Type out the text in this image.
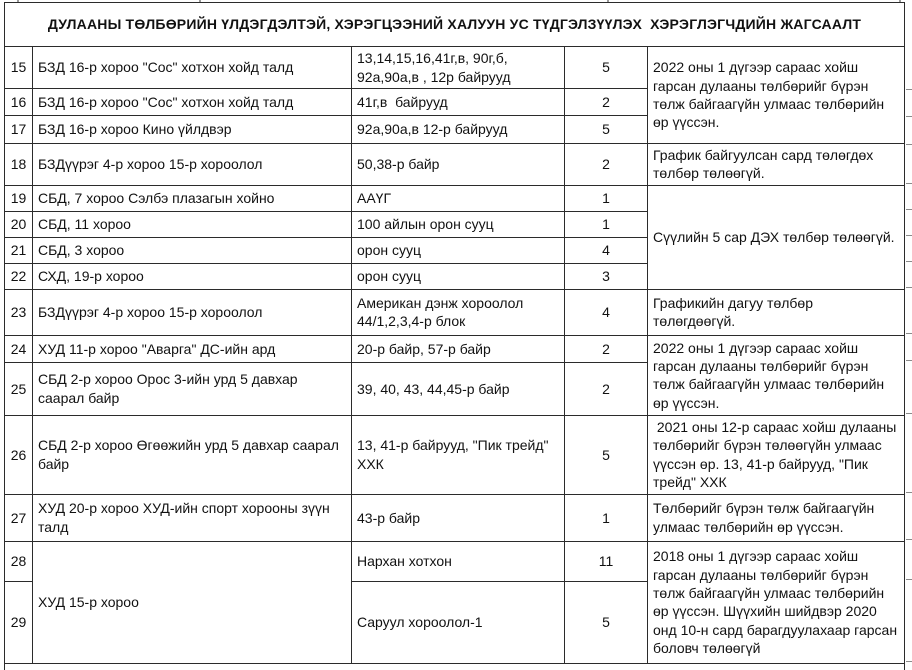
ДУЛААНЫ ТӨЛБӨРИЙН ҮЛДЭГДЭЛТЭЙ, ХЭРЭГЦЭЭНИЙ ХАЛУУН УС ТҮДГЭЛЗҮҮЛЭХ  ХЭРЭГЛЭГЧДИЙН ЖАГСААЛТ				
15	БЗД 16-р хороо "Сос" хотхон хойд талд	13,14,15,16,41г,в, 90г,б, 92а,90а,в , 12р байрууд	5	2022 оны 1 дүгээр сараас хойш гарсан дулааны төлбөрийг бүрэн төлж байгаагүйн улмаас төлбөрийн өр үүссэн.
16	БЗД 16-р хороо "Сос" хотхон хойд талд	41г,в  байрууд	2	
17	БЗД 16-р хороо Кино үйлдвэр	92а,90а,в 12-р байрууд	5	
18	БЗДүүрэг 4-р хороо 15-р хороолол	50,38-р байр	2	График байгуулсан сард төлөгдөх төлбөр төлөөгүй.
19	СБД, 7 хороо Сэлбэ плазагын хойно	ААҮГ	1	Сүүлийн 5 сар ДЭХ төлбөр төлөөгүй.
20	СБД, 11 хороо	100 айлын орон сууц	1	
21	СБД, 3 хороо	орон сууц	4	
22	СХД, 19-р хороо	орон сууц	3	
23	БЗДүүрэг 4-р хороо 15-р хороолол	Американ дэнж хороолол 44/1,2,3,4-р блок	4	Графикийн дагуу төлбөр төлөгдөөгүй.
24	ХУД 11-р хороо "Аварга" ДС-ийн ард	20-р байр, 57-р байр	2	2022 оны 1 дүгээр сараас хойш гарсан дулааны төлбөрийг бүрэн төлж байгаагүйн улмаас төлбөрийн өр үүссэн.
25	СБД 2-р хороо Орос 3-ийн урд 5 давхар саарал байр	39, 40, 43, 44,45-р байр	2	
26	СБД 2-р хороо Өгөөжийн урд 5 давхар саарал байр	13, 41-р байрууд, "Пик трейд" ХХК	5	2021 оны 12-р сараас хойш дулааны төлбөрийг бүрэн төлөөгүйн улмаас үүссэн өр. 13, 41-р байрууд, "Пик трейд" ХХК
27	ХУД 20-р хороо ХУД-ийн спорт хорооны зүүн талд	43-р байр	1	Төлбөрийг бүрэн төлж байгаагүйн улмаас төлбөрийн өр үүссэн.
28	ХУД 15-р хороо	Нархан хотхон	11	2018 оны 1 дүгээр сараас хойш гарсан дулааны төлбөрийг бүрэн төлж байгаагүйн улмаас төлбөрийн өр үүссэн. Шүүхийн шийдвэр 2020 онд 10-н сард барагдуулахаар гарсан боловч төлөөгүй
29		Саруул хороолол-1	5	
